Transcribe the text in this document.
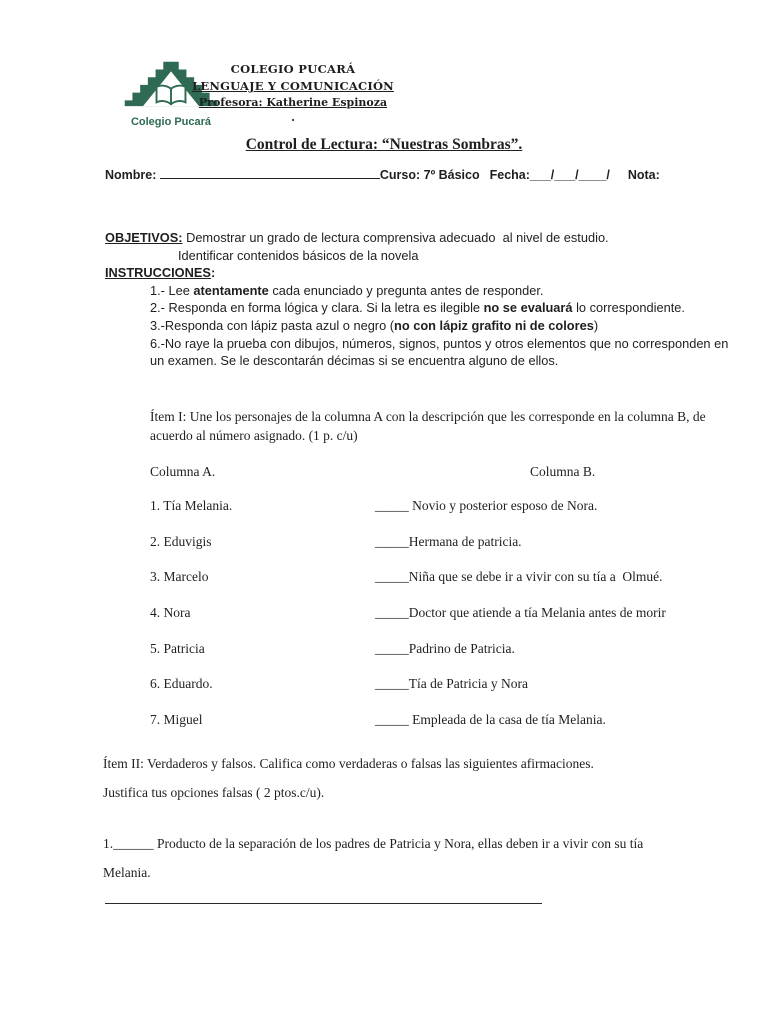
Colegio Pucará
COLEGIO PUCARÁ
LENGUAJE Y COMUNICACIÓN
Profesora: Katherine Espinoza
.
Control de Lectura: “Nuestras Sombras”.
Nombre:	Curso: 7º Básico Fecha:___/___/____/ Nota:
OBJETIVOS: Demostrar un grado de lectura comprensiva adecuado  al nivel de estudio.
Identificar contenidos básicos de la novela
INSTRUCCIONES:
1.- Lee atentamente cada enunciado y pregunta antes de responder.
2.- Responda en forma lógica y clara. Si la letra es ilegible no se evaluará lo correspondiente.
3.-Responda con lápiz pasta azul o negro (no con lápiz grafito ni de colores)
6.-No raye la prueba con dibujos, números, signos, puntos y otros elementos que no corresponden en un examen. Se le descontarán décimas si se encuentra alguno de ellos.
Ítem I: Une los personajes de la columna A con la descripción que les corresponde en la columna B, de acuerdo al número asignado. (1 p. c/u)
Columna A.	Columna B.
1. Tía Melania.	_____ Novio y posterior esposo de Nora.
2. Eduvigis	_____Hermana de patricia.
3. Marcelo	_____Niña que se debe ir a vivir con su tía a  Olmué.
4. Nora	_____Doctor que atiende a tía Melania antes de morir
5. Patricia	_____Padrino de Patricia.
6. Eduardo.	_____Tía de Patricia y Nora
7. Miguel	_____ Empleada de la casa de tía Melania.
Ítem II: Verdaderos y falsos. Califica como verdaderas o falsas las siguientes afirmaciones.
Justifica tus opciones falsas ( 2 ptos.c/u).
1.______ Producto de la separación de los padres de Patricia y Nora, ellas deben ir a vivir con su tía Melania.
